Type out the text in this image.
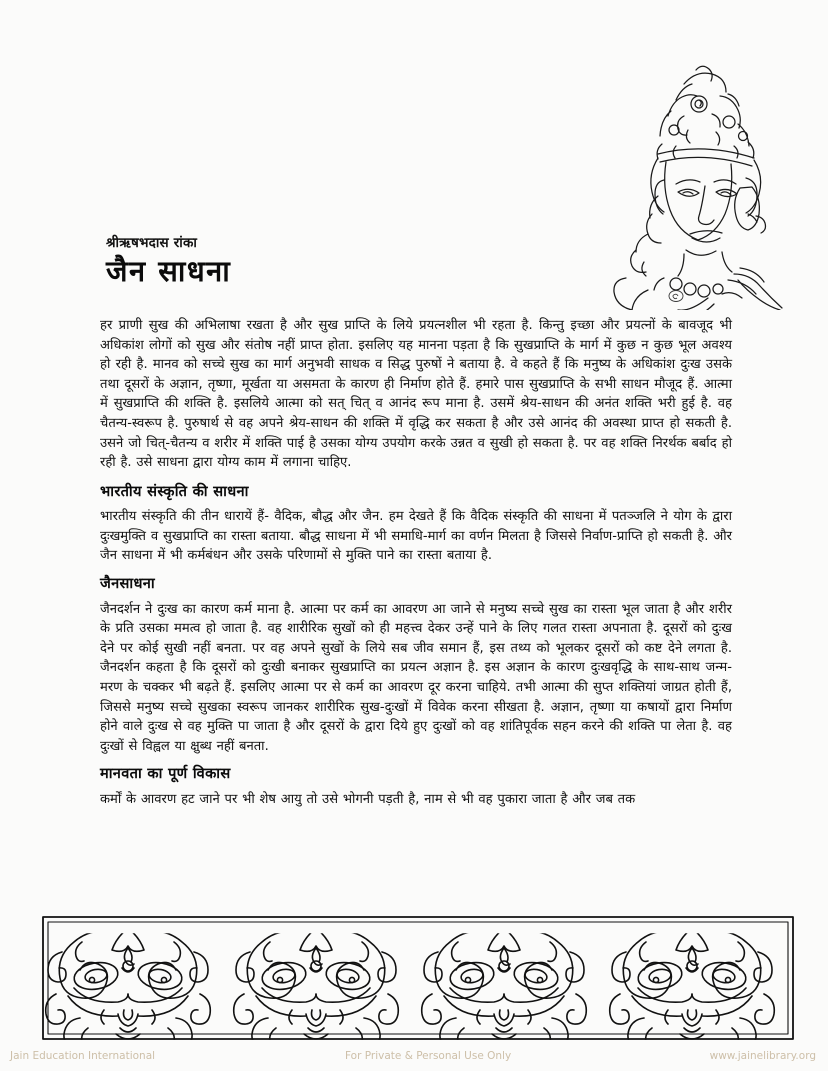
श्रीऋषभदास रांका
जैन साधना

हर प्राणी सुख की अभिलाषा रखता है और सुख प्राप्ति के लिये प्रयत्नशील भी रहता है. किन्तु इच्छा और प्रयत्नों के बावजूद भी अधिकांश लोगों को सुख और संतोष नहीं प्राप्त होता. इसलिए यह मानना पड़ता है कि सुखप्राप्ति के मार्ग में कुछ न कुछ भूल अवश्य हो रही है. मानव को सच्चे सुख का मार्ग अनुभवी साधक व सिद्ध पुरुषों ने बताया है. वे कहते हैं कि मनुष्य के अधिकांश दुःख उसके तथा दूसरों के अज्ञान, तृष्णा, मूर्खता या असमता के कारण ही निर्माण होते हैं. हमारे पास सुखप्राप्ति के सभी साधन मौजूद हैं. आत्मा में सुखप्राप्ति की शक्ति है. इसलिये आत्मा को सत् चित् व आनंद रूप माना है. उसमें श्रेय-साधन की अनंत शक्ति भरी हुई है. वह चैतन्य-स्वरूप है. पुरुषार्थ से वह अपने श्रेय-साधन की शक्ति में वृद्धि कर सकता है और उसे आनंद की अवस्था प्राप्त हो सकती है. उसने जो चित्-चैतन्य व शरीर में शक्ति पाई है उसका योग्य उपयोग करके उन्नत व सुखी हो सकता है. पर वह शक्ति निरर्थक बर्बाद हो रही है. उसे साधना द्वारा योग्य काम में लगाना चाहिए.

भारतीय संस्कृति की साधना

भारतीय संस्कृति की तीन धारायें हैं- वैदिक, बौद्ध और जैन. हम देखते हैं कि वैदिक संस्कृति की साधना में पतञ्जलि ने योग के द्वारा दुःखमुक्ति व सुखप्राप्ति का रास्ता बताया. बौद्ध साधना में भी समाधि-मार्ग का वर्णन मिलता है जिससे निर्वाण-प्राप्ति हो सकती है. और जैन साधना में भी कर्मबंधन और उसके परिणामों से मुक्ति पाने का रास्ता बताया है.

जैनसाधना

जैनदर्शन ने दुःख का कारण कर्म माना है. आत्मा पर कर्म का आवरण आ जाने से मनुष्य सच्चे सुख का रास्ता भूल जाता है और शरीर के प्रति उसका ममत्व हो जाता है. वह शारीरिक सुखों को ही महत्त्व देकर उन्हें पाने के लिए गलत रास्ता अपनाता है. दूसरों को दुःख देने पर कोई सुखी नहीं बनता. पर वह अपने सुखों के लिये सब जीव समान हैं, इस तथ्य को भूलकर दूसरों को कष्ट देने लगता है. जैनदर्शन कहता है कि दूसरों को दुःखी बनाकर सुखप्राप्ति का प्रयत्न अज्ञान है. इस अज्ञान के कारण दुःखवृद्धि के साथ-साथ जन्म-मरण के चक्कर भी बढ़ते हैं. इसलिए आत्मा पर से कर्म का आवरण दूर करना चाहिये. तभी आत्मा की सुप्त शक्तियां जाग्रत होती हैं, जिससे मनुष्य सच्चे सुखका स्वरूप जानकर शारीरिक सुख-दुःखों में विवेक करना सीखता है. अज्ञान, तृष्णा या कषायों द्वारा निर्माण होने वाले दुःख से वह मुक्ति पा जाता है और दूसरों के द्वारा दिये हुए दुःखों को वह शांतिपूर्वक सहन करने की शक्ति पा लेता है. वह दुःखों से विह्वल या क्षुब्ध नहीं बनता.

मानवता का पूर्ण विकास

कर्मों के आवरण हट जाने पर भी शेष आयु तो उसे भोगनी पड़ती है, नाम से भी वह पुकारा जाता है और जब तक

Jain Education International	For Private & Personal Use Only	www.jainelibrary.org
